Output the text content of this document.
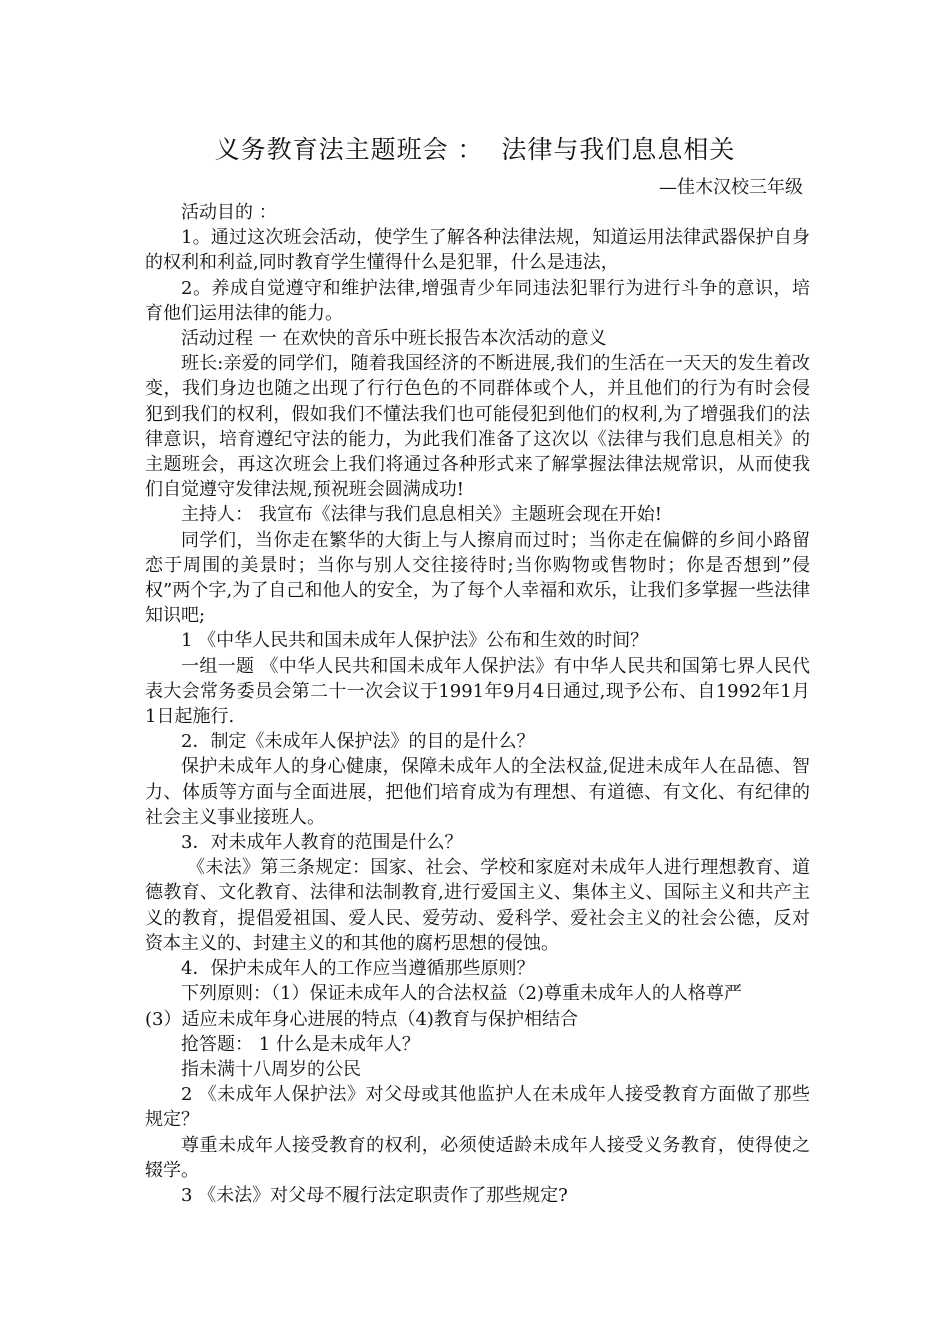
义务教育法主题班会 ：  法律与我们息息相关
—佳木汉校三年级

活动目的 ：

1。通过这次班会活动，使学生了解各种法律法规，知道运用法律武器保护自身的权利和利益,同时教育学生懂得什么是犯罪，什么是违法，

2。养成自觉遵守和维护法律,增强青少年同违法犯罪行为进行斗争的意识，培育他们运用法律的能力。

活动过程 一 在欢快的音乐中班长报告本次活动的意义

班长:亲爱的同学们，随着我国经济的不断进展,我们的生活在一天天的发生着改变，我们身边也随之出现了行行色色的不同群体或个人，并且他们的行为有时会侵犯到我们的权利，假如我们不懂法我们也可能侵犯到他们的权利,为了增强我们的法律意识，培育遵纪守法的能力，为此我们准备了这次以《法律与我们息息相关》的主题班会，再这次班会上我们将通过各种形式来了解掌握法律法规常识，从而使我们自觉遵守发律法规,预祝班会圆满成功!

主持人： 我宣布《法律与我们息息相关》主题班会现在开始!

同学们，当你走在繁华的大街上与人擦肩而过时；当你走在偏僻的乡间小路留恋于周围的美景时；当你与别人交往接待时;当你购物或售物时；你是否想到”侵权”两个字,为了自己和他人的安全，为了每个人幸福和欢乐，让我们多掌握一些法律知识吧;

1 《中华人民共和国未成年人保护法》公布和生效的时间？

一组一题 《中华人民共和国未成年人保护法》有中华人民共和国第七界人民代表大会常务委员会第二十一次会议于1991年9月4日通过,现予公布、自1992年1月1日起施行.

2．制定《未成年人保护法》的目的是什么？

保护未成年人的身心健康，保障未成年人的全法权益,促进未成年人在品德、智力、体质等方面与全面进展，把他们培育成为有理想、有道德、有文化、有纪律的社会主义事业接班人。

3．对未成年人教育的范围是什么？

《未法》第三条规定：国家、社会、学校和家庭对未成年人进行理想教育、道德教育、文化教育、法律和法制教育,进行爱国主义、集体主义、国际主义和共产主义的教育，提倡爱祖国、爱人民、爱劳动、爱科学、爱社会主义的社会公德，反对资本主义的、封建主义的和其他的腐朽思想的侵蚀。

4．保护未成年人的工作应当遵循那些原则？

下列原则：（1）保证未成年人的合法权益（2)尊重未成年人的人格尊严

(3）适应未成年身心进展的特点（4)教育与保护相结合

抢答题： 1 什么是未成年人？

指未满十八周岁的公民

2 《未成年人保护法》对父母或其他监护人在未成年人接受教育方面做了那些规定？

尊重未成年人接受教育的权利，必须使适龄未成年人接受义务教育，使得使之辍学。

3 《未法》对父母不履行法定职责作了那些规定?
